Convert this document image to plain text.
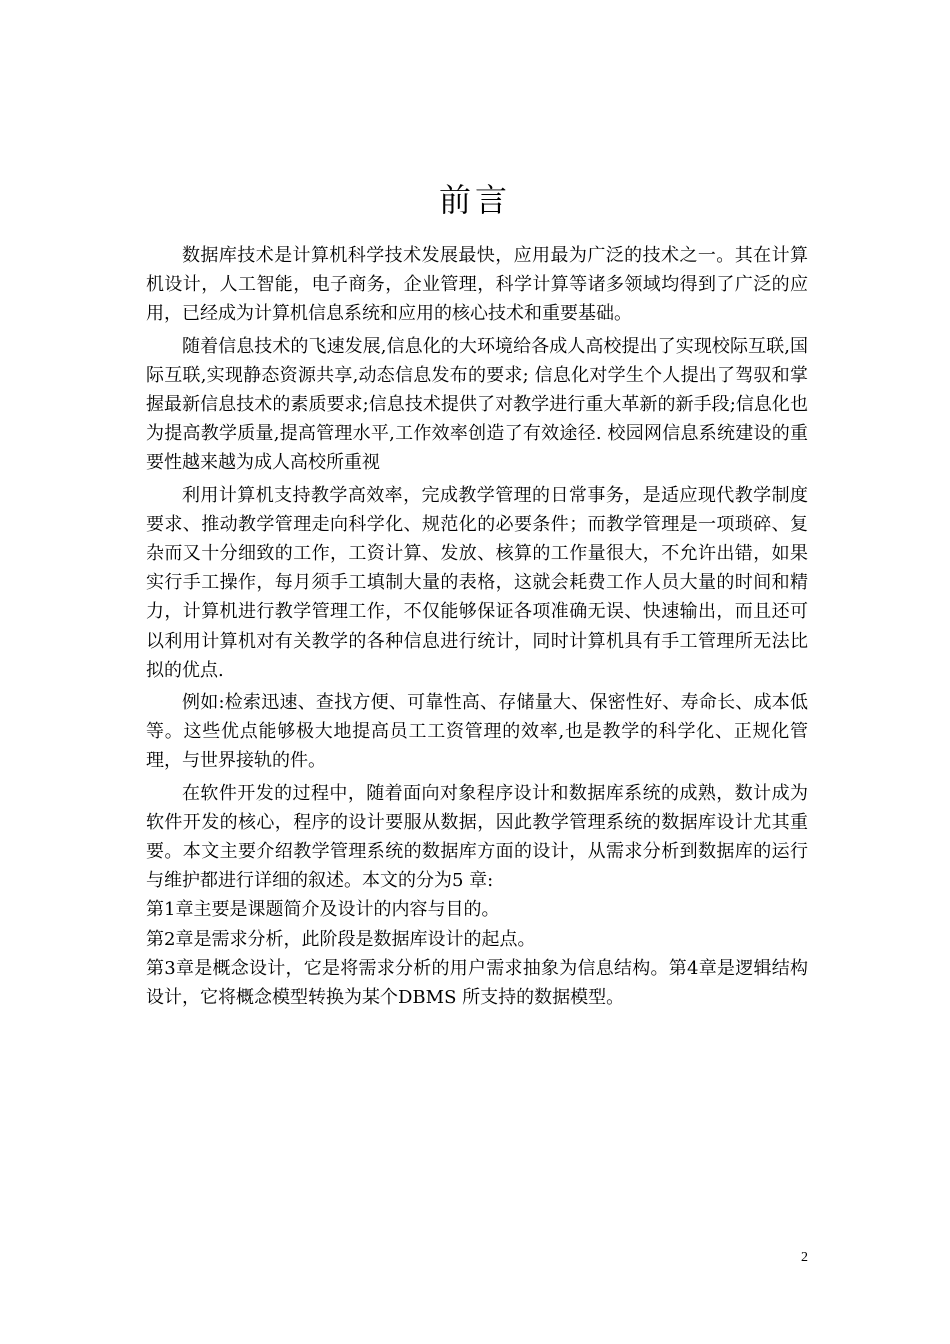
前言

数据库技术是计算机科学技术发展最快，应用最为广泛的技术之一。其在计算机设计，人工智能，电子商务，企业管理，科学计算等诸多领域均得到了广泛的应用，已经成为计算机信息系统和应用的核心技术和重要基础。

随着信息技术的飞速发展,信息化的大环境给各成人高校提出了实现校际互联,国际互联,实现静态资源共享,动态信息发布的要求; 信息化对学生个人提出了驾驭和掌握最新信息技术的素质要求;信息技术提供了对教学进行重大革新的新手段;信息化也为提高教学质量,提高管理水平,工作效率创造了有效途径. 校园网信息系统建设的重要性越来越为成人高校所重视

利用计算机支持教学高效率，完成教学管理的日常事务，是适应现代教学制度要求、推动教学管理走向科学化、规范化的必要条件；而教学管理是一项琐碎、复杂而又十分细致的工作，工资计算、发放、核算的工作量很大，不允许出错，如果实行手工操作，每月须手工填制大量的表格，这就会耗费工作人员大量的时间和精力，计算机进行教学管理工作，不仅能够保证各项准确无误、快速输出，而且还可以利用计算机对有关教学的各种信息进行统计，同时计算机具有手工管理所无法比拟的优点.

例如:检索迅速、查找方便、可靠性高、存储量大、保密性好、寿命长、成本低等。这些优点能够极大地提高员工工资管理的效率,也是教学的科学化、正规化管理，与世界接轨的件。

在软件开发的过程中，随着面向对象程序设计和数据库系统的成熟，数计成为软件开发的核心，程序的设计要服从数据，因此教学管理系统的数据库设计尤其重要。本文主要介绍教学管理系统的数据库方面的设计，从需求分析到数据库的运行与维护都进行详细的叙述。本文的分为5 章:

第1章主要是课题简介及设计的内容与目的。

第2章是需求分析，此阶段是数据库设计的起点。

第3章是概念设计，它是将需求分析的用户需求抽象为信息结构。第4章是逻辑结构设计，它将概念模型转换为某个DBMS 所支持的数据模型。

2
